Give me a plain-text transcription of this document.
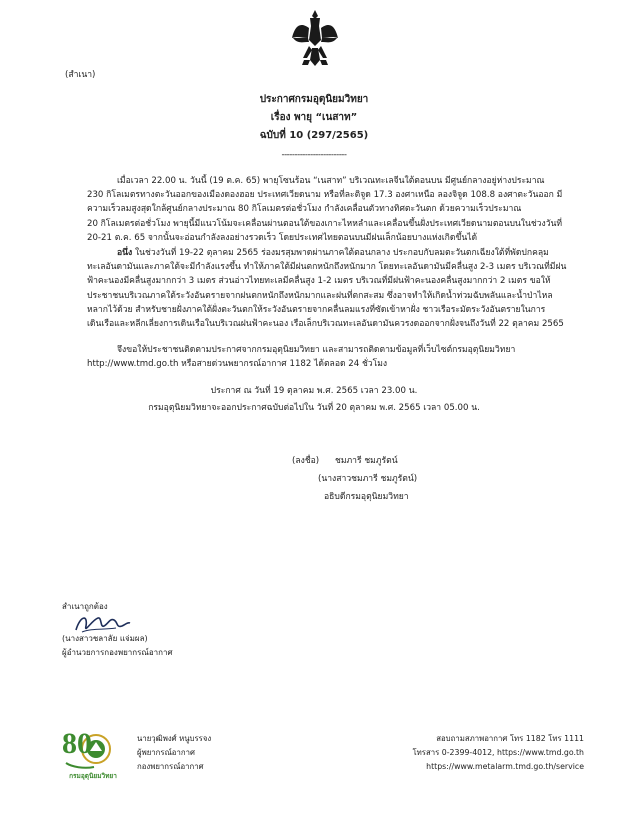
(สำเนา)
ประกาศกรมอุตุนิยมวิทยา
เรื่อง พายุ “เนสาท”
ฉบับที่ 10 (297/2565)
-------------------------
เมื่อเวลา 22.00 น. วันนี้ (19 ต.ค. 65) พายุโซนร้อน “เนสาท” บริเวณทะเลจีนใต้ตอนบน มีศูนย์กลางอยู่ห่างประมาณ
230 กิโลเมตรทางตะวันออกของเมืองดองฮอย ประเทศเวียดนาม หรือที่ละติจูด 17.3 องศาเหนือ ลองจิจูด 108.8 องศาตะวันออก มี
ความเร็วลมสูงสุดใกล้ศูนย์กลางประมาณ 80 กิโลเมตรต่อชั่วโมง กำลังเคลื่อนตัวทางทิศตะวันตก ด้วยความเร็วประมาณ
20 กิโลเมตรต่อชั่วโมง พายุนี้มีแนวโน้มจะเคลื่อนผ่านตอนใต้ของเกาะไหหลำและเคลื่อนขึ้นฝั่งประเทศเวียดนามตอนบนในช่วงวันที่
20-21 ต.ค. 65 จากนั้นจะอ่อนกำลังลงอย่างรวดเร็ว โดยประเทศไทยตอนบนมีฝนเล็กน้อยบางแห่งเกิดขึ้นได้
อนึ่ง ในช่วงวันที่ 19-22 ตุลาคม 2565 ร่องมรสุมพาดผ่านภาคใต้ตอนกลาง ประกอบกับลมตะวันตกเฉียงใต้ที่พัดปกคลุม
ทะเลอันดามันและภาคใต้จะมีกำลังแรงขึ้น ทำให้ภาคใต้มีฝนตกหนักถึงหนักมาก โดยทะเลอันดามันมีคลื่นสูง 2-3 เมตร บริเวณที่มีฝน
ฟ้าคะนองมีคลื่นสูงมากกว่า 3 เมตร ส่วนอ่าวไทยทะเลมีคลื่นสูง 1-2 เมตร บริเวณที่มีฝนฟ้าคะนองคลื่นสูงมากกว่า 2 เมตร ขอให้
ประชาชนบริเวณภาคใต้ระวังอันตรายจากฝนตกหนักถึงหนักมากและฝนที่ตกสะสม ซึ่งอาจทำให้เกิดน้ำท่วมฉับพลันและน้ำป่าไหล
หลากไว้ด้วย สำหรับชายฝั่งภาคใต้ฝั่งตะวันตกให้ระวังอันตรายจากคลื่นลมแรงที่ซัดเข้าหาฝั่ง ชาวเรือระมัดระวังอันตรายในการ
เดินเรือและหลีกเลี่ยงการเดินเรือในบริเวณฝนฟ้าคะนอง เรือเล็กบริเวณทะเลอันดามันควรงดออกจากฝั่งจนถึงวันที่ 22 ตุลาคม 2565
จึงขอให้ประชาชนติดตามประกาศจากกรมอุตุนิยมวิทยา และสามารถติดตามข้อมูลที่เว็บไซต์กรมอุตุนิยมวิทยา
http://www.tmd.go.th หรือสายด่วนพยากรณ์อากาศ 1182 ได้ตลอด 24 ชั่วโมง
ประกาศ ณ วันที่ 19 ตุลาคม พ.ศ. 2565 เวลา 23.00 น.
กรมอุตุนิยมวิทยาจะออกประกาศฉบับต่อไปใน วันที่ 20 ตุลาคม พ.ศ. 2565 เวลา 05.00 น.
(ลงชื่อ) ชมภารี ชมภูรัตน์
(นางสาวชมภารี ชมภูรัตน์)
อธิบดีกรมอุตุนิยมวิทยา
สำเนาถูกต้อง
(นางสาวชลาลัย แจ่มผล)
ผู้อำนวยการกองพยากรณ์อากาศ
80
กรมอุตุนิยมวิทยา
นายวุฒิพงศ์ หนูบรรจง
ผู้พยากรณ์อากาศ
กองพยากรณ์อากาศ
สอบถามสภาพอากาศ โทร 1182 โทร 1111
โทรสาร 0-2399-4012, https://www.tmd.go.th
https://www.metalarm.tmd.go.th/service
